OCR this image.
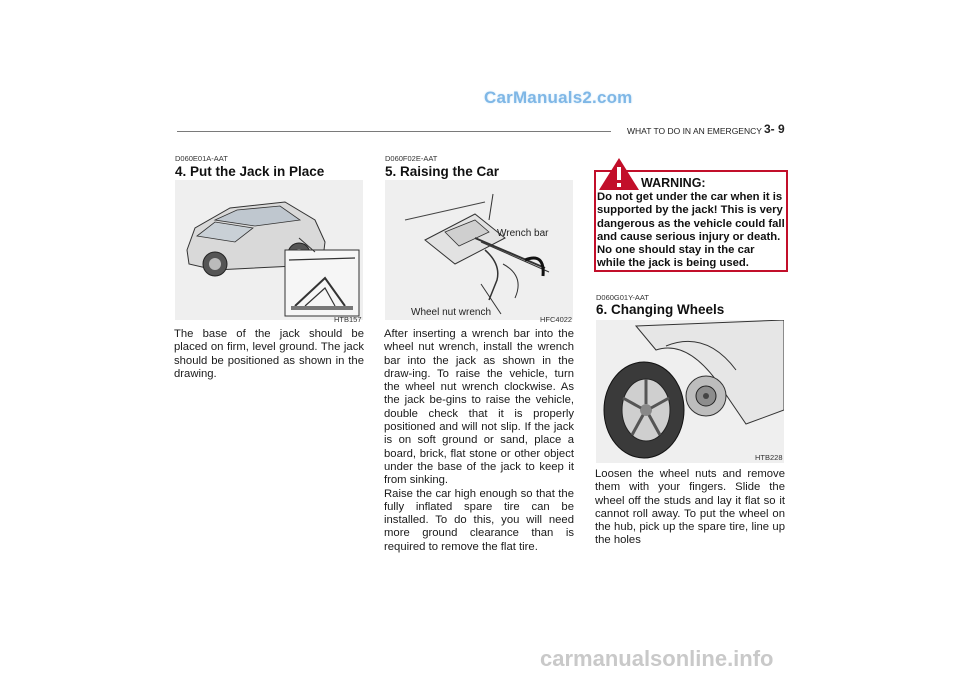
CarManuals2.com
WHAT TO DO IN AN EMERGENCY 3- 9
D060E01A-AAT
4. Put the Jack in Place
HTB157
The base of the jack should be placed on firm, level ground. The jack should be positioned as shown in the drawing.
D060F02E-AAT
5. Raising the Car
Wrench bar
Wheel nut wrench
HFC4022
After inserting a wrench bar into the wheel nut wrench, install the wrench bar into the jack as shown in the draw-ing. To raise the vehicle, turn the wheel nut wrench clockwise. As the jack be-gins to raise the vehicle, double check that it is properly positioned and will not slip. If the jack is on soft ground or sand, place a board, brick, flat stone or other object under the base of the jack to keep it from sinking.
Raise the car high enough so that the fully inflated spare tire can be installed. To do this, you will need more ground clearance than is required to remove the flat tire.
WARNING:
Do not get under the car when it is supported by the jack! This is very dangerous as the vehicle could fall and cause serious injury or death. No one should stay in the car while the jack is being used.
D060G01Y-AAT
6. Changing Wheels
HTB228
Loosen the wheel nuts and remove them with your fingers. Slide the wheel off the studs and lay it flat so it cannot roll away. To put the wheel on the hub, pick up the spare tire, line up the holes
carmanualsonline.info
